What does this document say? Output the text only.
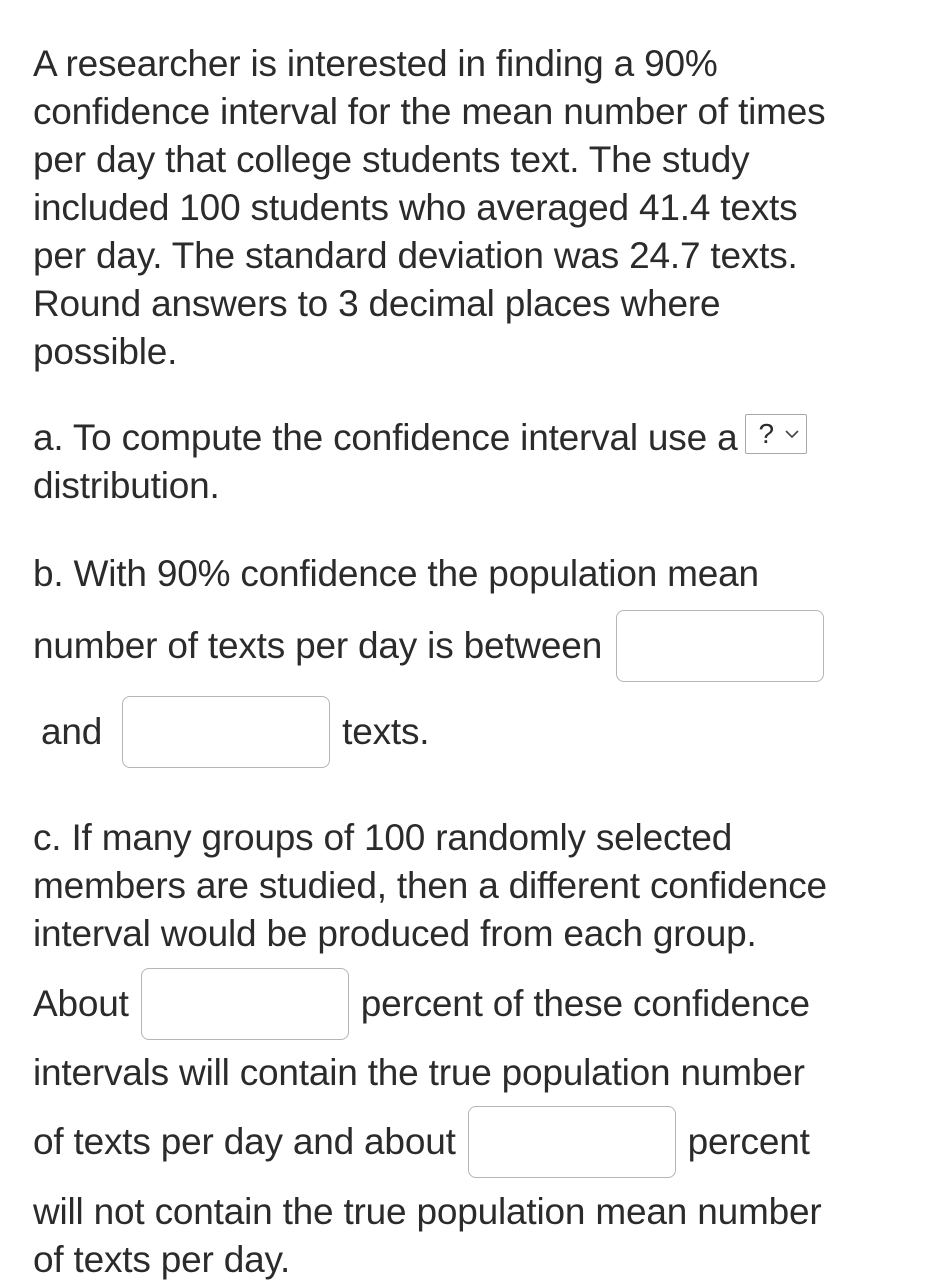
A researcher is interested in finding a 90%
confidence interval for the mean number of times
per day that college students text. The study
included 100 students who averaged 41.4 texts
per day. The standard deviation was 24.7 texts.
Round answers to 3 decimal places where
possible.

a. To compute the confidence interval use a ?
distribution.
b. With 90% confidence the population mean
number of texts per day is between
and	texts.
c. If many groups of 100 randomly selected
members are studied, then a different confidence
interval would be produced from each group.
About	percent of these confidence
intervals will contain the true population number
of texts per day and about	percent
will not contain the true population mean number
of texts per day.
